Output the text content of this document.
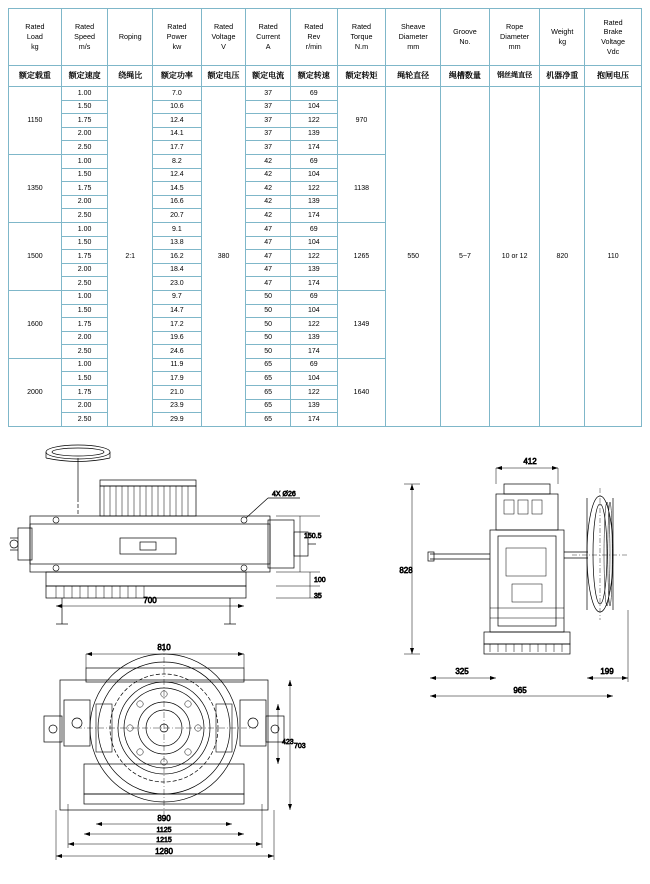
Rated
Load
kg	Rated
Speed
m/s	Roping	Rated
Power
kw	Rated
Voltage
V	Rated
Current
A	Rated
Rev
r/min	Rated
Torque
N.m	Sheave
Diameter
mm	Groove
No.	Rope
Diameter
mm	Weight
kg	Rated
Brake
Voltage
Vdc

额定载重	额定速度	绕绳比	额定功率	额定电压	额定电流	额定转速	额定转矩	绳轮直径	绳槽数量	钢丝绳直径	机器净重	抱闸电压
1150	1.00	2:1	7.0	380	37	69	970	550	5~7	10 or 12	820	110
	1.50		10.6		37	104						
	1.75		12.4		37	122						
	2.00		14.1		37	139						
	2.50		17.7		37	174						
1350	1.00		8.2		42	69	1138					
	1.50		12.4		42	104						
	1.75		14.5		42	122						
	2.00		16.6		42	139						
	2.50		20.7		42	174						
1500	1.00		9.1		47	69	1265					
	1.50		13.8		47	104						
	1.75		16.2		47	122						
	2.00		18.4		47	139						
	2.50		23.0		47	174						
1600	1.00		9.7		50	69	1349					
	1.50		14.7		50	104						
	1.75		17.2		50	122						
	2.00		19.6		50	139						
	2.50		24.6		50	174						
2000	1.00		11.9		65	69	1640					
	1.50		17.9		65	104						
	1.75		21.0		65	122						
	2.00		23.9		65	139						
	2.50		29.9		65	174						
700
150.5
100
35
4X Ø26
412
828
325
965
199
810
703
423
890
1125
1215
1280
